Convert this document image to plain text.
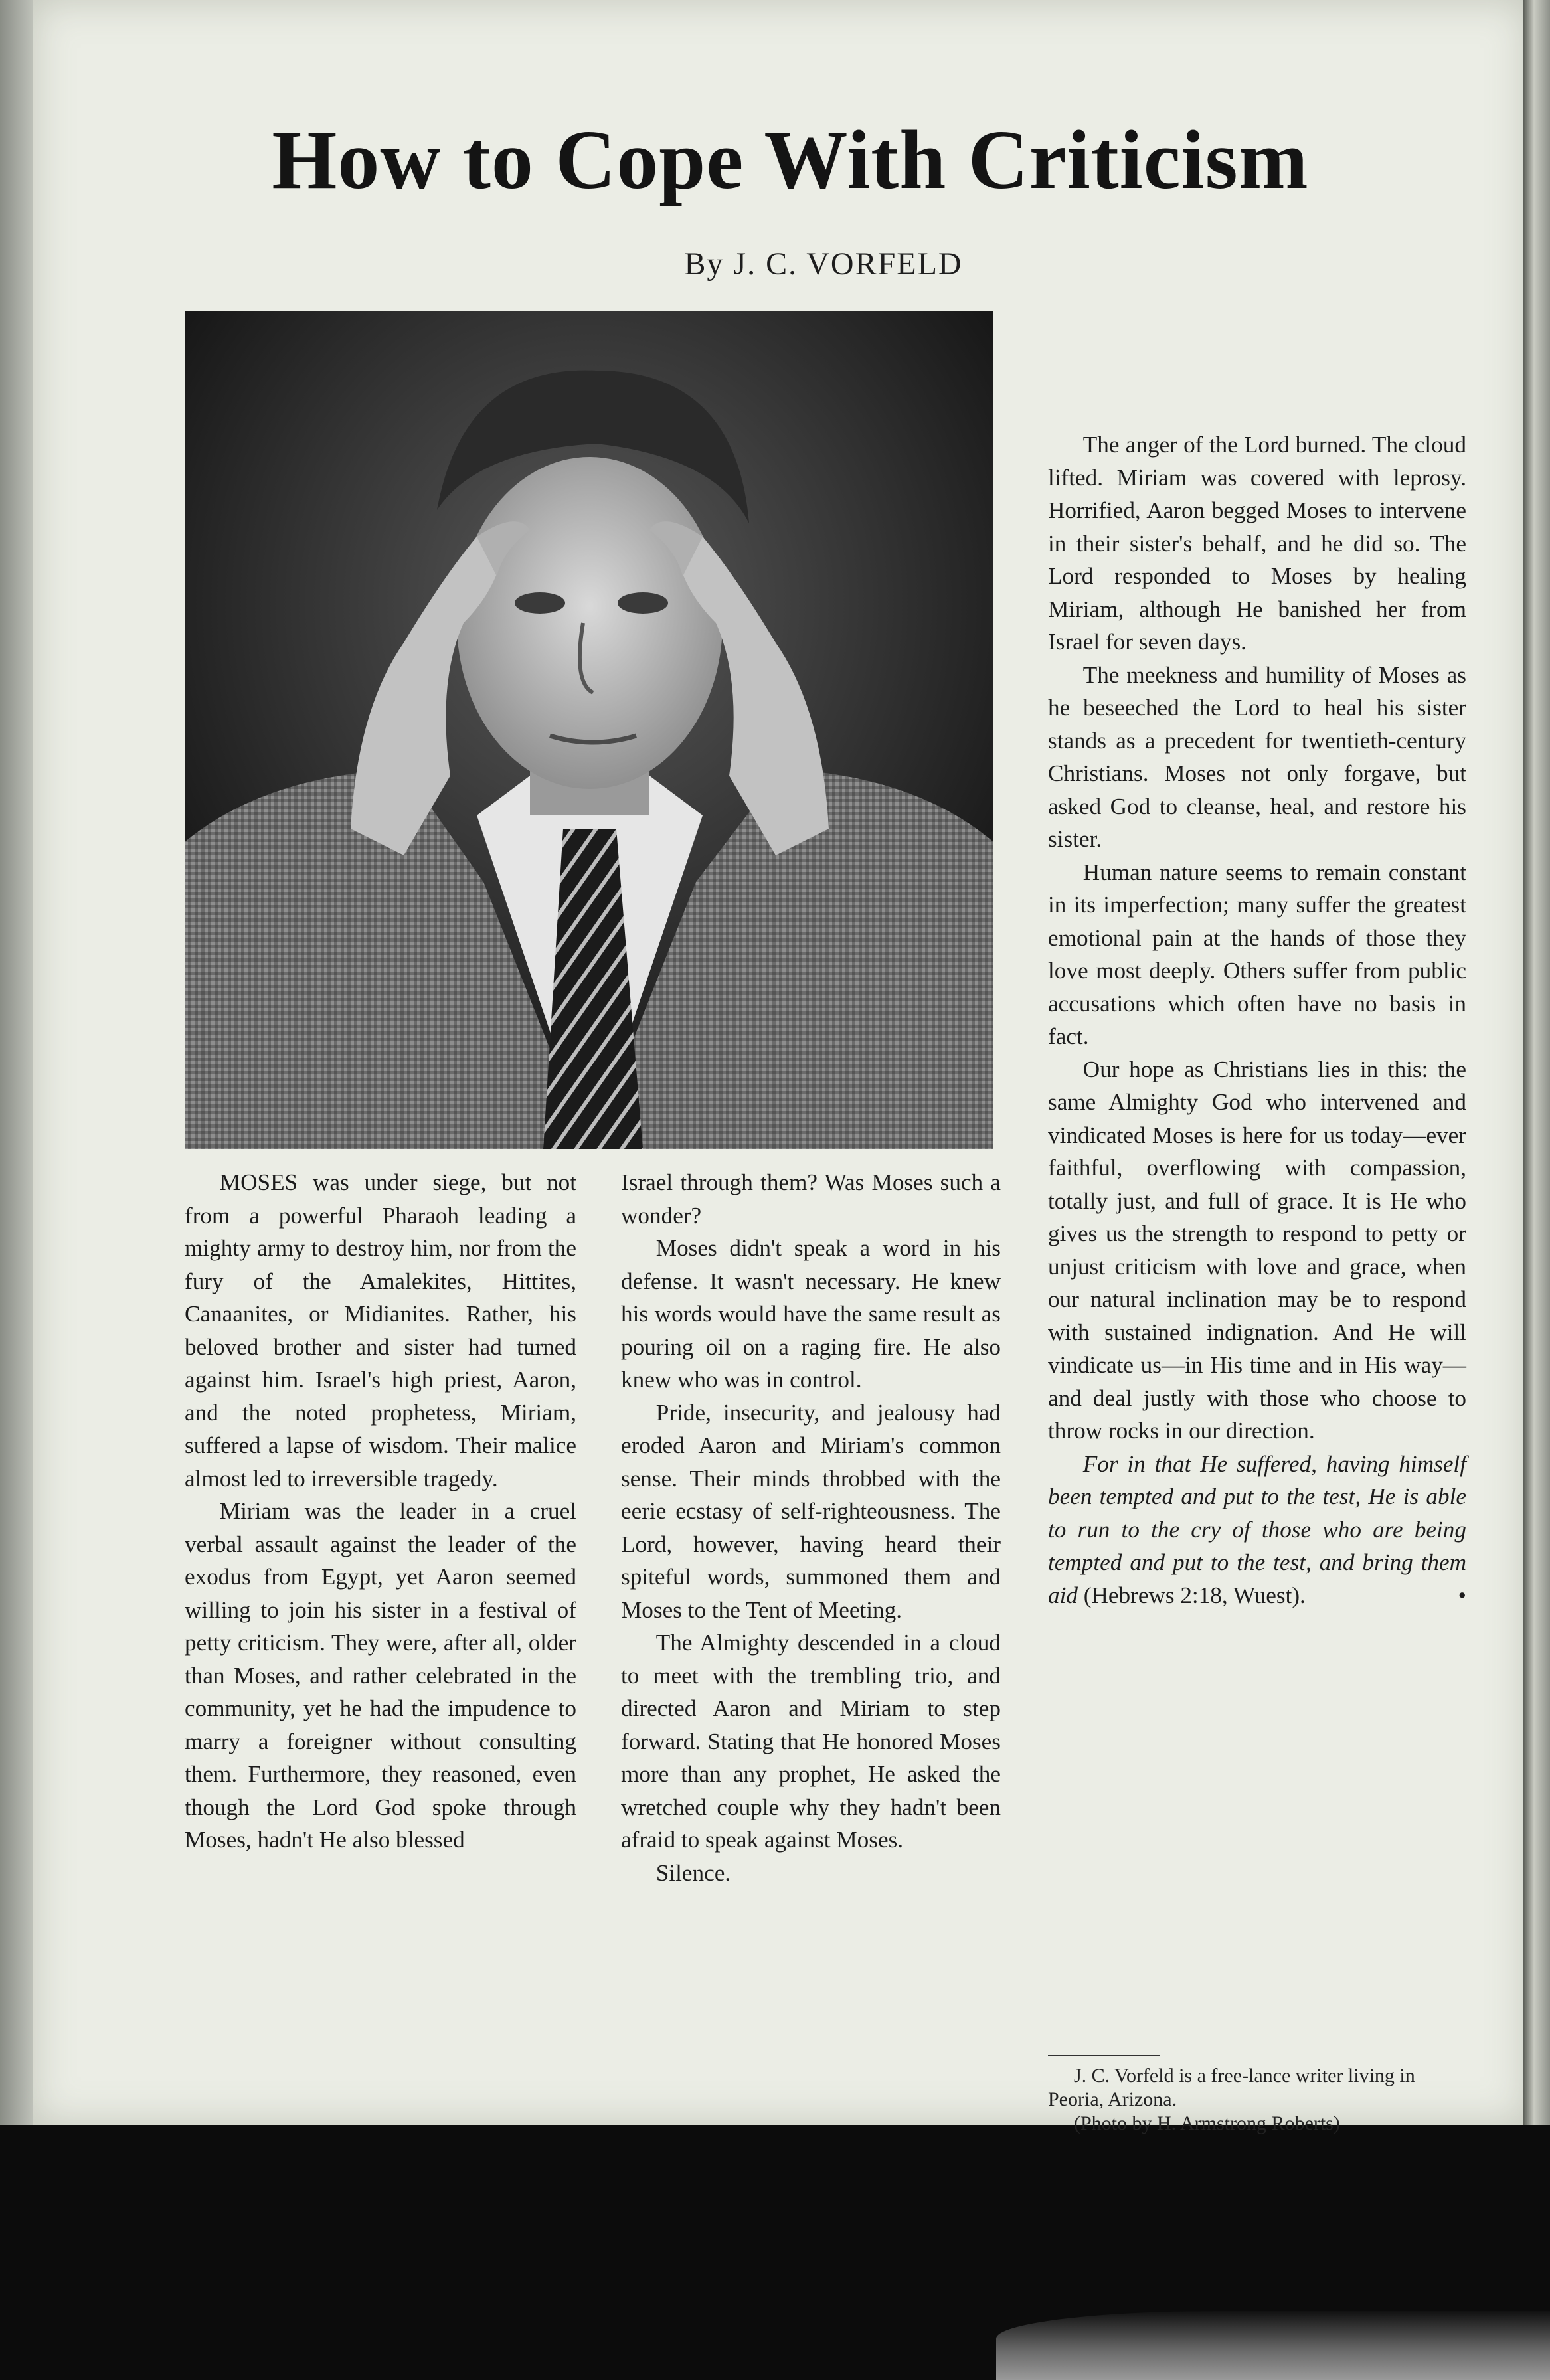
How to Cope With Criticism
By J. C. VORFELD

MOSES was under siege, but not from a powerful Pharaoh leading a mighty army to destroy him, nor from the fury of the Amalekites, Hittites, Canaanites, or Midianites. Rather, his beloved brother and sister had turned against him. Israel's high priest, Aaron, and the noted prophetess, Miriam, suffered a lapse of wisdom. Their malice almost led to irreversible tragedy.

Miriam was the leader in a cruel verbal assault against the leader of the exodus from Egypt, yet Aaron seemed willing to join his sister in a festival of petty criticism. They were, after all, older than Moses, and rather celebrated in the community, yet he had the impudence to marry a foreigner without consulting them. Furthermore, they reasoned, even though the Lord God spoke through Moses, hadn't He also blessed

Israel through them? Was Moses such a wonder?

Moses didn't speak a word in his defense. It wasn't necessary. He knew his words would have the same result as pouring oil on a raging fire. He also knew who was in control.

Pride, insecurity, and jealousy had eroded Aaron and Miriam's common sense. Their minds throbbed with the eerie ecstasy of self-righteousness. The Lord, however, having heard their spiteful words, summoned them and Moses to the Tent of Meeting.

The Almighty descended in a cloud to meet with the trembling trio, and directed Aaron and Miriam to step forward. Stating that He honored Moses more than any prophet, He asked the wretched couple why they hadn't been afraid to speak against Moses.

Silence.

The anger of the Lord burned. The cloud lifted. Miriam was covered with leprosy. Horrified, Aaron begged Moses to intervene in their sister's behalf, and he did so. The Lord responded to Moses by healing Miriam, although He banished her from Israel for seven days.

The meekness and humility of Moses as he beseeched the Lord to heal his sister stands as a precedent for twentieth-century Christians. Moses not only forgave, but asked God to cleanse, heal, and restore his sister.

Human nature seems to remain constant in its imperfection; many suffer the greatest emotional pain at the hands of those they love most deeply. Others suffer from public accusations which often have no basis in fact.

Our hope as Christians lies in this: the same Almighty God who intervened and vindicated Moses is here for us today—ever faithful, overflowing with compassion, totally just, and full of grace. It is He who gives us the strength to respond to petty or unjust criticism with love and grace, when our natural inclination may be to respond with sustained indignation. And He will vindicate us—in His time and in His way—and deal justly with those who choose to throw rocks in our direction.

For in that He suffered, having himself been tempted and put to the test, He is able to run to the cry of those who are being tempted and put to the test, and bring them aid (Hebrews 2:18, Wuest).	•

J. C. Vorfeld is a free-lance writer living in Peoria, Arizona.

(Photo by H. Armstrong Roberts)
